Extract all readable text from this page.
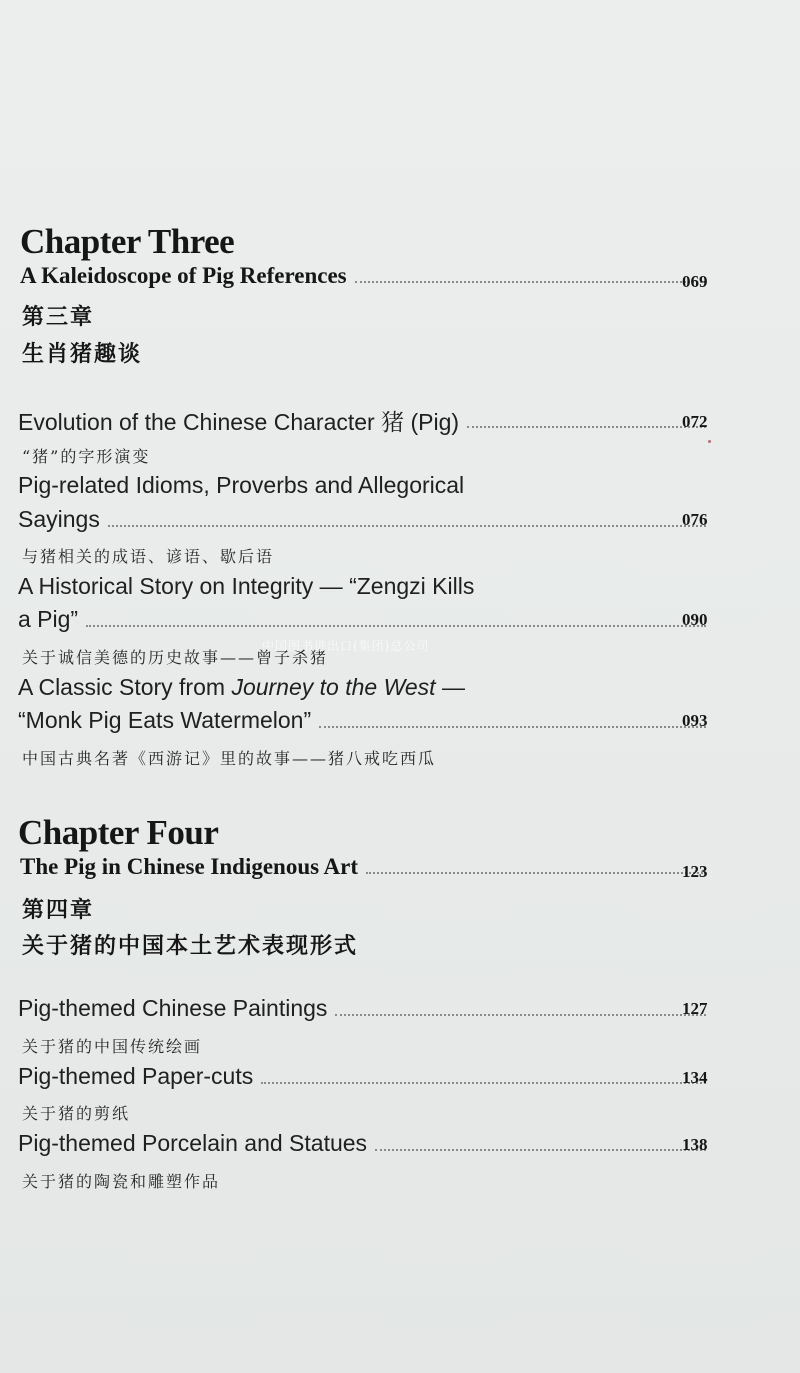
Chapter Three
A Kaleidoscope of Pig References	069
第三章
生肖猪趣谈
Evolution of the Chinese Character 猪 (Pig)	072
“猪”的字形演变
Pig-related Idioms, Proverbs and Allegorical
Sayings	076
与猪相关的成语、谚语、歇后语
A Historical Story on Integrity — “Zengzi Kills
a Pig”	090
关于诚信美德的历史故事——曾子杀猪
中国图书进出口(集团)总公司
A Classic Story from Journey to the West —
“Monk Pig Eats Watermelon”	093
中国古典名著《西游记》里的故事——猪八戒吃西瓜
Chapter Four
The Pig in Chinese Indigenous Art	123
第四章
关于猪的中国本土艺术表现形式
Pig-themed Chinese Paintings	127
关于猪的中国传统绘画
Pig-themed Paper-cuts	134
关于猪的剪纸
Pig-themed Porcelain and Statues	138
关于猪的陶瓷和雕塑作品
